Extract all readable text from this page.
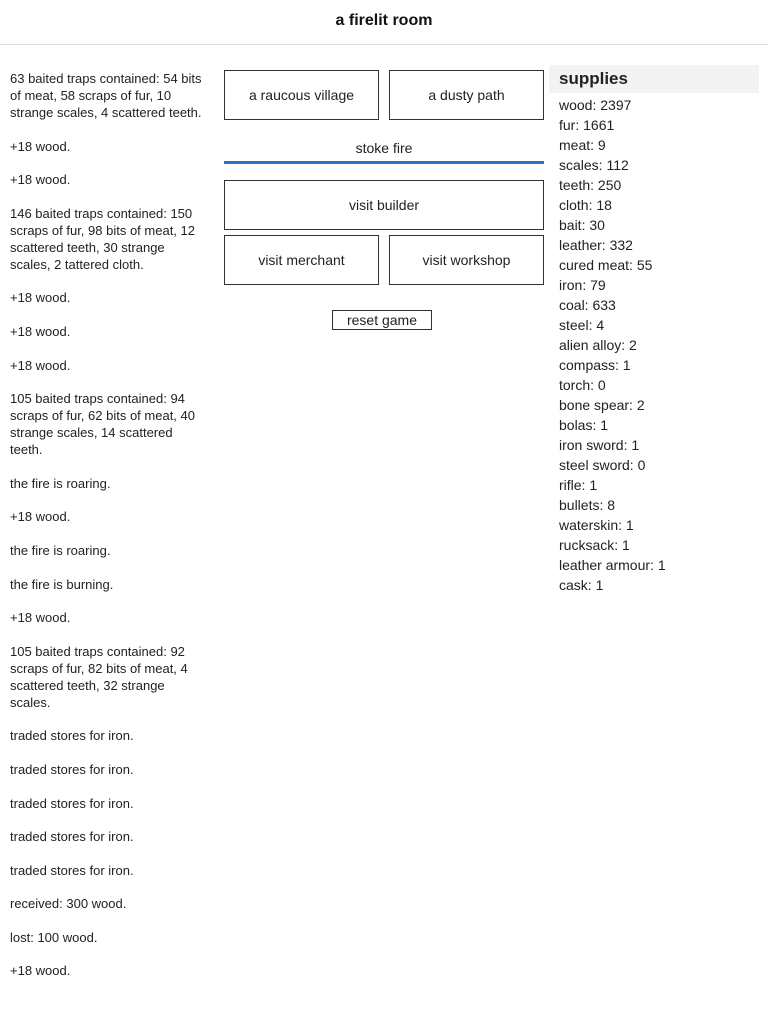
a firelit room
63 baited traps contained: 54 bits of meat, 58 scraps of fur, 10 strange scales, 4 scattered teeth.
+18 wood.
+18 wood.
146 baited traps contained: 150 scraps of fur, 98 bits of meat, 12 scattered teeth, 30 strange scales, 2 tattered cloth.
+18 wood.
+18 wood.
+18 wood.
105 baited traps contained: 94 scraps of fur, 62 bits of meat, 40 strange scales, 14 scattered teeth.
the fire is roaring.
+18 wood.
the fire is roaring.
the fire is burning.
+18 wood.
105 baited traps contained: 92 scraps of fur, 82 bits of meat, 4 scattered teeth, 32 strange scales.
traded stores for iron.
traded stores for iron.
traded stores for iron.
traded stores for iron.
traded stores for iron.
received: 300 wood.
lost: 100 wood.
+18 wood.
a raucous village	a dusty path
stoke fire
visit builder
visit merchant	visit workshop
reset game
supplies
wood: 2397
fur: 1661
meat: 9
scales: 112
teeth: 250
cloth: 18
bait: 30
leather: 332
cured meat: 55
iron: 79
coal: 633
steel: 4
alien alloy: 2
compass: 1
torch: 0
bone spear: 2
bolas: 1
iron sword: 1
steel sword: 0
rifle: 1
bullets: 8
waterskin: 1
rucksack: 1
leather armour: 1
cask: 1
